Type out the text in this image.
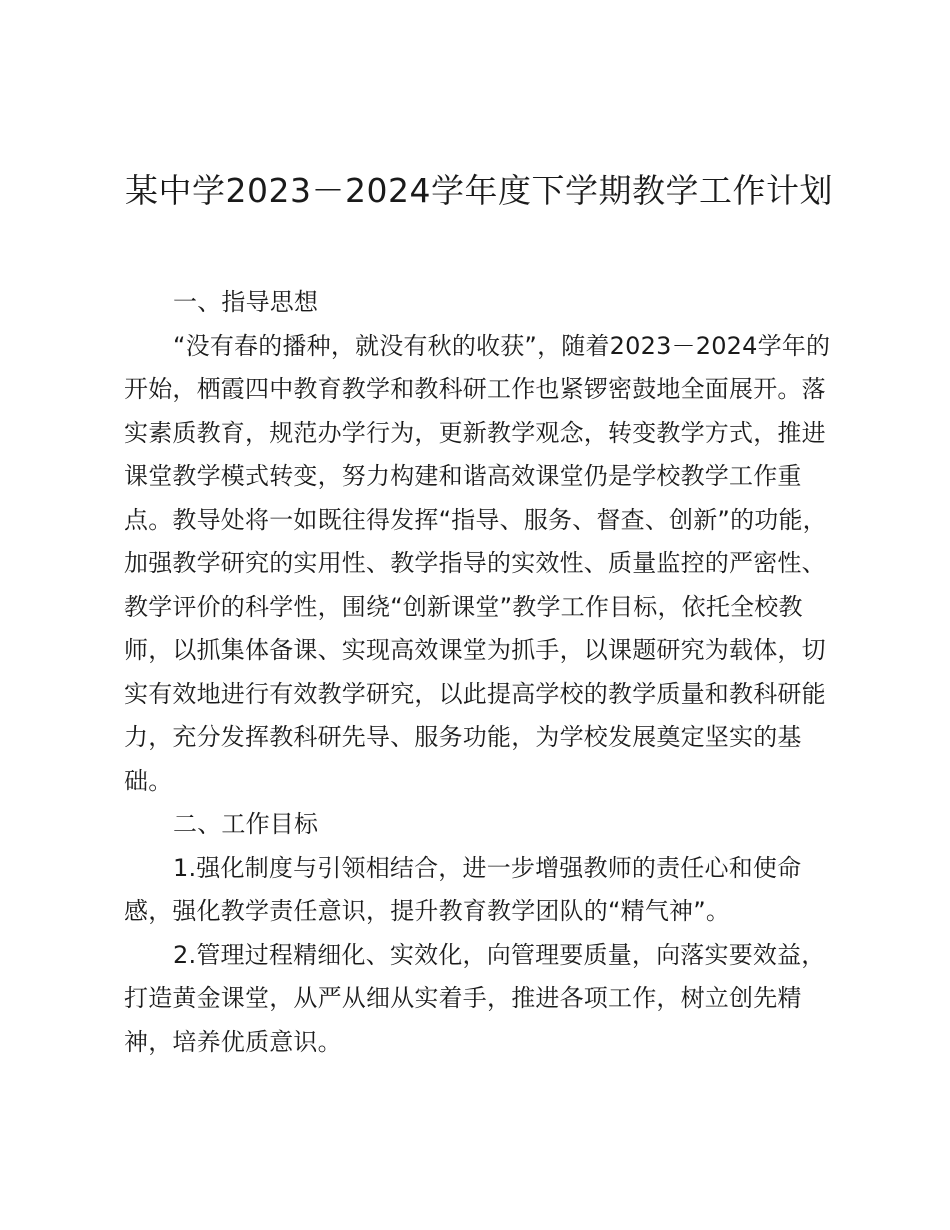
某中学2023－2024学年度下学期教学工作计划

一、指导思想

“没有春的播种，就没有秋的收获”，随着2023－2024学年的开始，栖霞四中教育教学和教科研工作也紧锣密鼓地全面展开。落实素质教育，规范办学行为，更新教学观念，转变教学方式，推进课堂教学模式转变，努力构建和谐高效课堂仍是学校教学工作重点。教导处将一如既往得发挥“指导、服务、督查、创新”的功能，加强教学研究的实用性、教学指导的实效性、质量监控的严密性、教学评价的科学性，围绕“创新课堂”教学工作目标，依托全校教师，以抓集体备课、实现高效课堂为抓手，以课题研究为载体，切实有效地进行有效教学研究，以此提高学校的教学质量和教科研能力，充分发挥教科研先导、服务功能，为学校发展奠定坚实的基础。

二、工作目标

1.强化制度与引领相结合，进一步增强教师的责任心和使命感，强化教学责任意识，提升教育教学团队的“精气神”。

2.管理过程精细化、实效化，向管理要质量，向落实要效益，打造黄金课堂，从严从细从实着手，推进各项工作，树立创先精神，培养优质意识。
